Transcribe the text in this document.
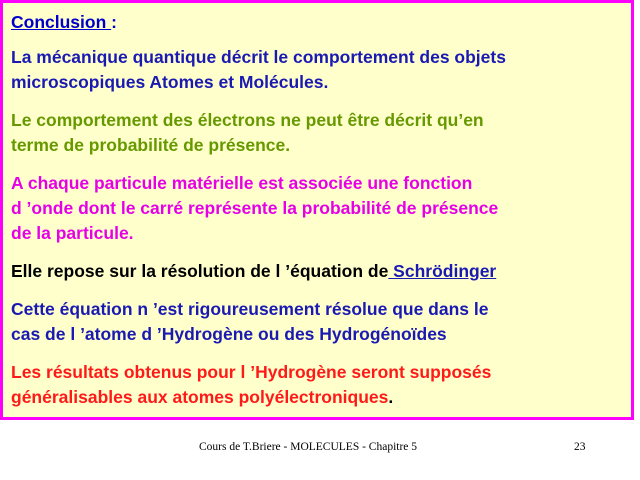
Conclusion :
La mécanique quantique décrit le comportement des objets
microscopiques Atomes et Molécules.
Le comportement des électrons ne peut être décrit qu’en
terme de probabilité de présence.
A chaque particule matérielle est associée une fonction
d ’onde dont le carré représente la probabilité de présence
de la particule.
Elle repose sur la résolution de l ’équation de Schrödinger
Cette équation n ’est rigoureusement résolue que dans le
cas de l ’atome d ’Hydrogène ou des Hydrogénoïdes
Les résultats obtenus pour l ’Hydrogène seront supposés
généralisables aux atomes polyélectroniques.
Cours de T.Briere - MOLECULES - Chapitre 5	23
